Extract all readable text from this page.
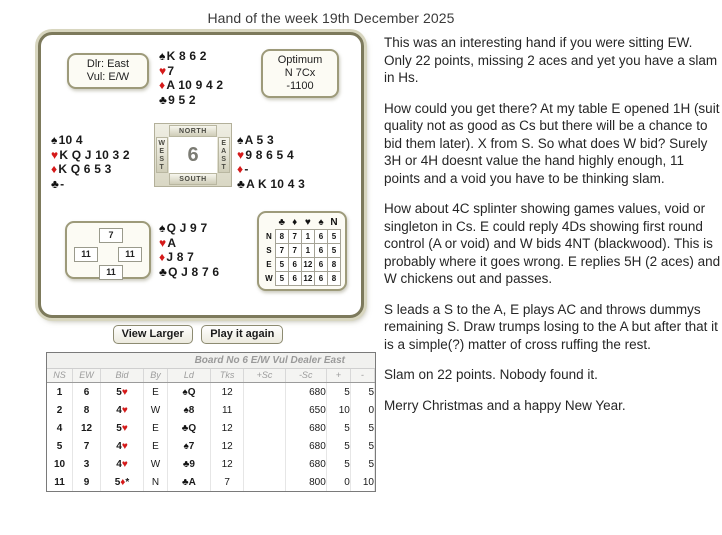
Hand of the week 19th December 2025
Dlr: East
Vul: E/W
Optimum
N 7Cx
-1100
♠K 8 6 2
♥7
♦A 10 9 4 2
♣9 5 2
♠10 4
♥K Q J 10 3 2
♦K Q 6 5 3
♣-
♠A 5 3
♥9 8 6 5 4
♦-
♣A K 10 4 3
♠Q J 9 7
♥A
♦J 8 7
♣Q J 8 7 6
NORTH
W
E
S
T
6
E
A
S
T
SOUTH
7
11	11
11
	♣	♦	♥	♠	N
N	8	7	1	6	5
S	7	7	1	6	5
E	5	6	12	6	8
W	5	6	12	6	8
View Larger Play it again
Board No 6 E/W Vul Dealer East
NS	EW	Bid	By	Ld	Tks	+Sc	-Sc	+	-
1	6	5♥	E	♠Q	12		680	5	5
2	8	4♥	W	♠8	11		650	10	0
4	12	5♥	E	♣Q	12		680	5	5
5	7	4♥	E	♠7	12		680	5	5
10	3	4♥	W	♣9	12		680	5	5
11	9	5♦*	N	♣A	7		800	0	10

This was an interesting hand if you were sitting EW. Only 22 points, missing 2 aces and yet you have a slam in Hs.

How could you get there? At my table E opened 1H (suit quality not as good as Cs but there will be a chance to bid them later). X from S. So what does W bid? Surely 3H or 4H doesnt value the hand highly enough, 11 points and a void you have to be thinking slam.

How about 4C splinter showing games values, void or singleton in Cs. E could reply 4Ds showing first round control (A or void) and W bids 4NT (blackwood). This is probably where it goes wrong. E replies 5H (2 aces) and W chickens out and passes.

S leads a S to the A, E plays AC and throws dummys remaining S. Draw trumps losing to the A but after that it is a simple(?) matter of cross ruffing the rest.

Slam on 22 points. Nobody found it.

Merry Christmas and a happy New Year.
